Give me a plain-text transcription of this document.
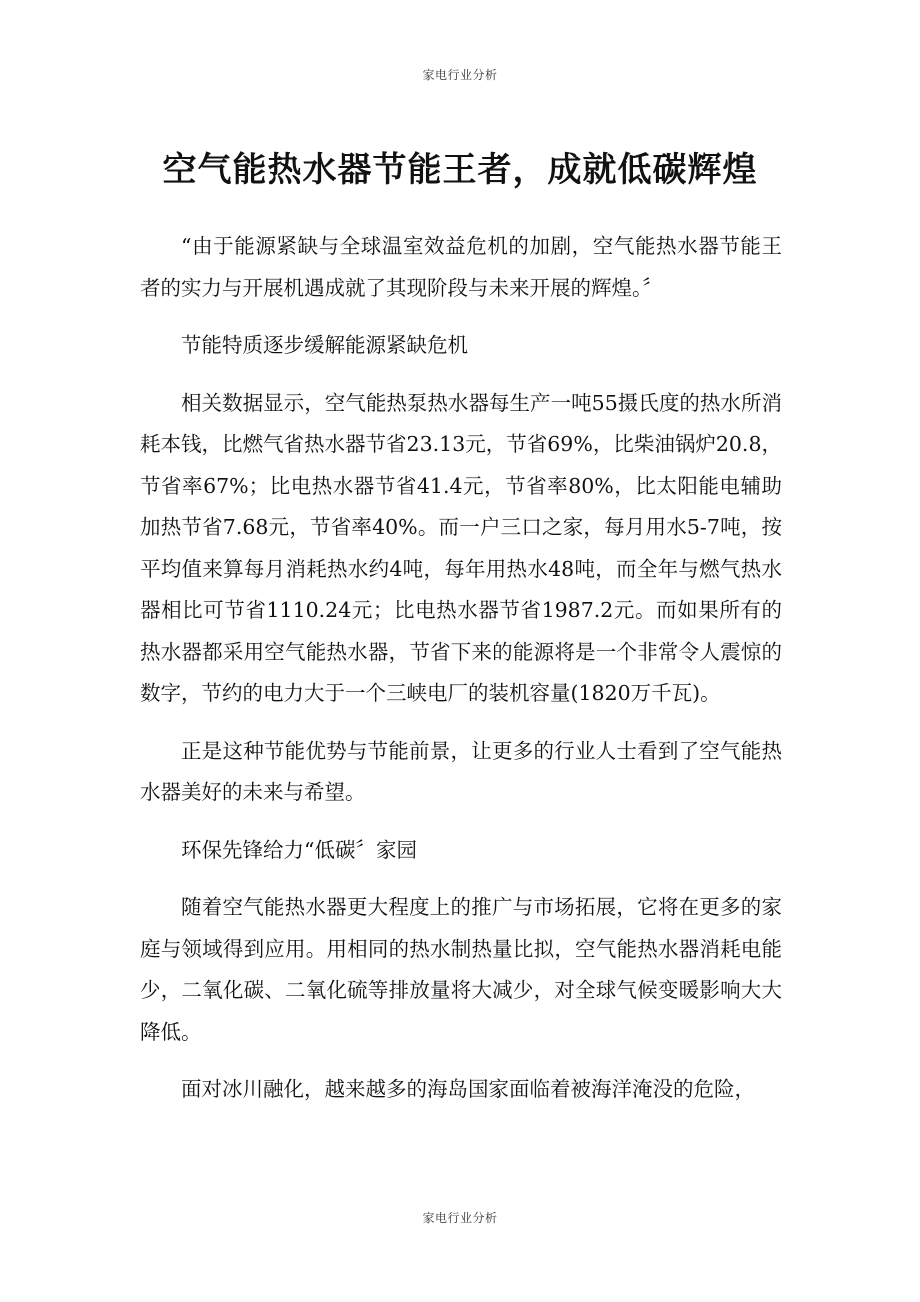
家电行业分析
空气能热水器节能王者，成就低碳辉煌

“由于能源紧缺与全球温室效益危机的加剧，空气能热水器节能王者的实力与开展机遇成就了其现阶段与未来开展的辉煌。〞

节能特质逐步缓解能源紧缺危机

相关数据显示，空气能热泵热水器每生产一吨55摄氏度的热水所消耗本钱，比燃气省热水器节省23.13元，节省69%，比柴油锅炉20.8，节省率67%；比电热水器节省41.4元，节省率80%，比太阳能电辅助加热节省7.68元，节省率40%。而一户三口之家，每月用水5-7吨，按平均值来算每月消耗热水约4吨，每年用热水48吨，而全年与燃气热水器相比可节省1110.24元；比电热水器节省1987.2元。而如果所有的热水器都采用空气能热水器，节省下来的能源将是一个非常令人震惊的数字，节约的电力大于一个三峡电厂的装机容量(1820万千瓦)。

正是这种节能优势与节能前景，让更多的行业人士看到了空气能热水器美好的未来与希望。

环保先锋给力“低碳〞家园

随着空气能热水器更大程度上的推广与市场拓展，它将在更多的家庭与领域得到应用。用相同的热水制热量比拟，空气能热水器消耗电能少，二氧化碳、二氧化硫等排放量将大减少，对全球气候变暖影响大大降低。

面对冰川融化，越来越多的海岛国家面临着被海洋淹没的危险，

家电行业分析
